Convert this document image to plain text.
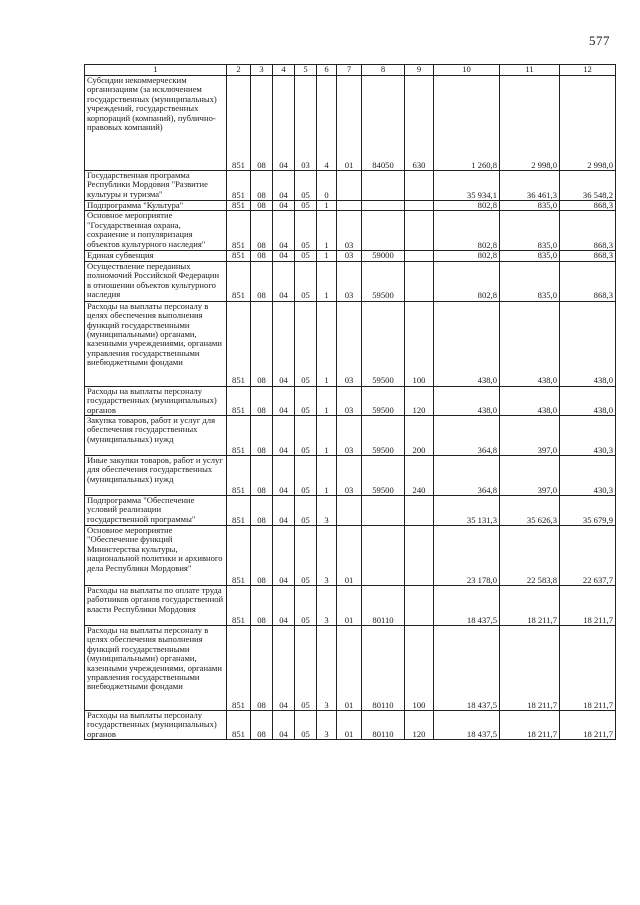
577
1	2	3	4	5	6	7	8	9	10	11	12
Субсидии некоммерческим организациям (за исключением государственных (муниципальных) учреждений, государственных корпораций (компаний), публично-правовых компаний)	851	08	04	03	4	01	84050	630	1 260,8	2 998,0	2 998,0
Государственная программа Республики Мордовия "Развитие культуры и туризма"	851	08	04	05	0				35 934,1	36 461,3	36 548,2
Подпрограмма "Культура"	851	08	04	05	1				802,8	835,0	868,3
Основное мероприятие "Государственная охрана, сохранение и популяризация объектов культурного наследия"	851	08	04	05	1	03			802,8	835,0	868,3
Единая субвенция	851	08	04	05	1	03	59000		802,8	835,0	868,3
Осуществление переданных полномочий Российской Федерации в отношении объектов культурного наследия	851	08	04	05	1	03	59500		802,8	835,0	868,3
Расходы на выплаты персоналу в целях обеспечения выполнения функций государственными (муниципальными) органами, казенными учреждениями, органами управления государственными внебюджетными фондами	851	08	04	05	1	03	59500	100	438,0	438,0	438,0
Расходы на выплаты персоналу государственных (муниципальных) органов	851	08	04	05	1	03	59500	120	438,0	438,0	438,0
Закупка товаров, работ и услуг для обеспечения государственных (муниципальных) нужд	851	08	04	05	1	03	59500	200	364,8	397,0	430,3
Иные закупки товаров, работ и услуг для обеспечения государственных (муниципальных) нужд	851	08	04	05	1	03	59500	240	364,8	397,0	430,3
Подпрограмма "Обеспечение условий реализации государственной программы"	851	08	04	05	3				35 131,3	35 626,3	35 679,9
Основное мероприятие "Обеспечение функций Министерства культуры, национальной политики и архивного дела Республики Мордовия"	851	08	04	05	3	01			23 178,0	22 583,8	22 637,7
Расходы на выплаты по оплате труда работников органов государственной власти Республики Мордовия	851	08	04	05	3	01	80110		18 437,5	18 211,7	18 211,7
Расходы на выплаты персоналу в целях обеспечения выполнения функций государственными (муниципальными) органами, казенными учреждениями, органами управления государственными внебюджетными фондами	851	08	04	05	3	01	80110	100	18 437,5	18 211,7	18 211,7
Расходы на выплаты персоналу государственных (муниципальных) органов	851	08	04	05	3	01	80110	120	18 437,5	18 211,7	18 211,7
